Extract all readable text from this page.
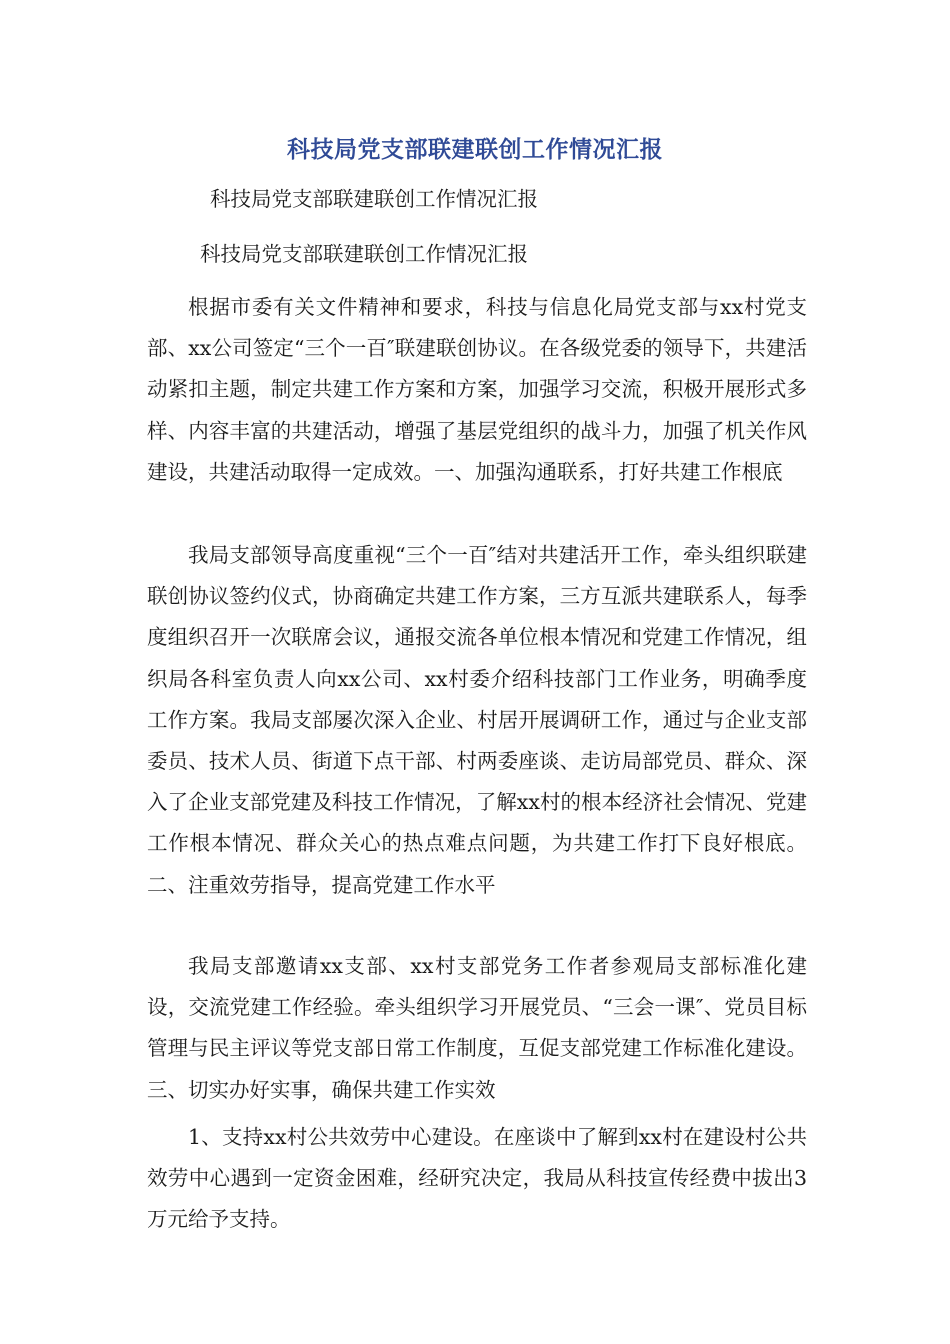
科技局党支部联建联创工作情况汇报
科技局党支部联建联创工作情况汇报
科技局党支部联建联创工作情况汇报

根据市委有关文件精神和要求，科技与信息化局党支部与xx村党支部、xx公司签定“三个一百″联建联创协议。在各级党委的领导下，共建活动紧扣主题，制定共建工作方案和方案，加强学习交流，积极开展形式多样、内容丰富的共建活动，增强了基层党组织的战斗力，加强了机关作风建设，共建活动取得一定成效。一、加强沟通联系，打好共建工作根底

我局支部领导高度重视“三个一百″结对共建活开工作，牵头组织联建联创协议签约仪式，协商确定共建工作方案，三方互派共建联系人，每季度组织召开一次联席会议，通报交流各单位根本情况和党建工作情况，组织局各科室负责人向xx公司、xx村委介绍科技部门工作业务，明确季度工作方案。我局支部屡次深入企业、村居开展调研工作，通过与企业支部委员、技术人员、街道下点干部、村两委座谈、走访局部党员、群众、深入了企业支部党建及科技工作情况，了解xx村的根本经济社会情况、党建工作根本情况、群众关心的热点难点问题，为共建工作打下良好根底。二、注重效劳指导，提高党建工作水平

我局支部邀请xx支部、xx村支部党务工作者参观局支部标准化建设，交流党建工作经验。牵头组织学习开展党员、“三会一课″、党员目标管理与民主评议等党支部日常工作制度，互促支部党建工作标准化建设。三、切实办好实事，确保共建工作实效

1、支持xx村公共效劳中心建设。在座谈中了解到xx村在建设村公共效劳中心遇到一定资金困难，经研究决定，我局从科技宣传经费中拔出3万元给予支持。
